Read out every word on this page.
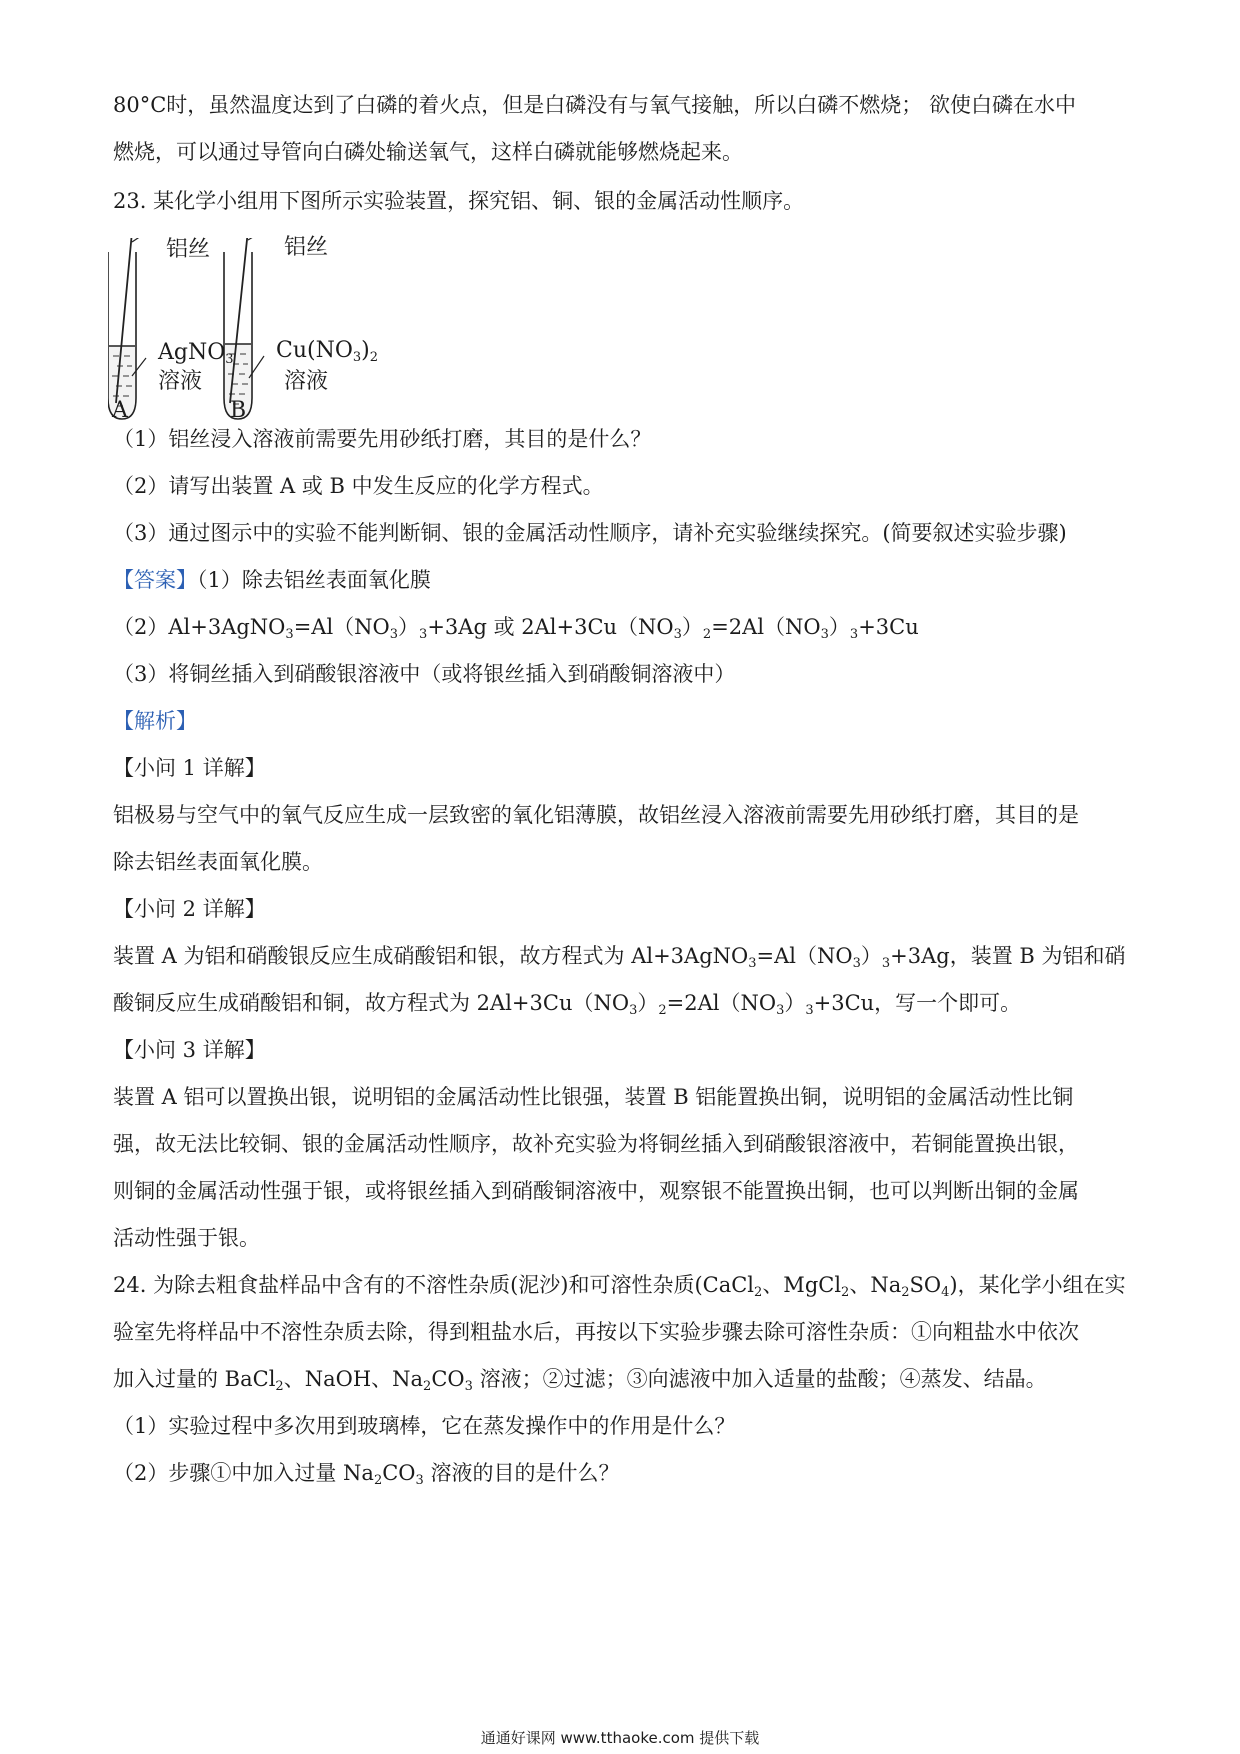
80°C时，虽然温度达到了白磷的着火点，但是白磷没有与氧气接触，所以白磷不燃烧； 欲使白磷在水中
燃烧，可以通过导管向白磷处输送氧气，这样白磷就能够燃烧起来。
23. 某化学小组用下图所示实验装置，探究铝、铜、银的金属活动性顺序。
铝丝	铝丝
AgNO$_3$
溶液
$Cu(NO_3)_2$
溶液
A	B
（1）铝丝浸入溶液前需要先用砂纸打磨，其目的是什么？
（2）请写出装置 A 或 B 中发生反应的化学方程式。
（3）通过图示中的实验不能判断铜、银的金属活动性顺序，请补充实验继续探究。(简要叙述实验步骤)
【答案】（1）除去铝丝表面氧化膜
$(2)Al+3AgNO_3=Al(NO_3)_3+3Ag$ 或 $2Al+3Cu(NO_3)_2=2Al(NO_3)_3+3Cu$
（3）将铜丝插入到硝酸银溶液中（或将银丝插入到硝酸铜溶液中）
【解析】
【小问 1 详解】
铝极易与空气中的氧气反应生成一层致密的氧化铝薄膜，故铝丝浸入溶液前需要先用砂纸打磨，其目的是
除去铝丝表面氧化膜。
【小问 2 详解】
装置 A 为铝和硝酸银反应生成硝酸铝和银，故方程式为 $Al+3AgNO_3=Al(NO_3)_3+3Ag$，装置 B 为铝和硝
酸铜反应生成硝酸铝和铜，故方程式为 $2Al+3Cu(NO_3)_2=2Al(NO_3)_3+3Cu$，写一个即可。
【小问 3 详解】
装置 A 铝可以置换出银，说明铝的金属活动性比银强，装置 B 铝能置换出铜，说明铝的金属活动性比铜
强，故无法比较铜、银的金属活动性顺序，故补充实验为将铜丝插入到硝酸银溶液中，若铜能置换出银，
则铜的金属活动性强于银，或将银丝插入到硝酸铜溶液中，观察银不能置换出铜，也可以判断出铜的金属
活动性强于银。
24. 为除去粗食盐样品中含有的不溶性杂质(泥沙)和可溶性杂质(CaCl$_2$、MgCl$_2$、$Na_2SO_4$)，某化学小组在实
验室先将样品中不溶性杂质去除，得到粗盐水后，再按以下实验步骤去除可溶性杂质：①向粗盐水中依次
加入过量的 BaCl$_2$、NaOH、$Na_2CO_3$ 溶液；②过滤；③向滤液中加入适量的盐酸；④蒸发、结晶。
（1）实验过程中多次用到玻璃棒，它在蒸发操作中的作用是什么？
（2）步骤①中加入过量 $Na_2CO_3$ 溶液的目的是什么？
通通好课网 www.tthaoke.com 提供下载
